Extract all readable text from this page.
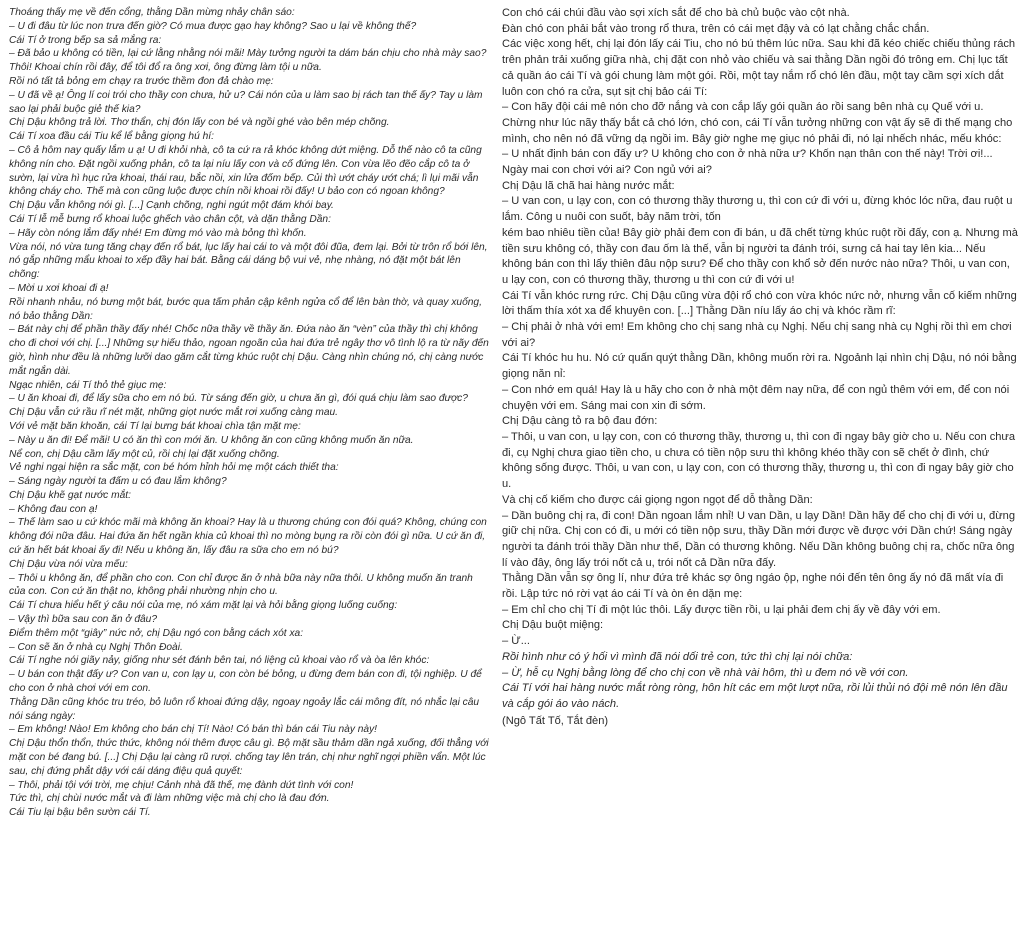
Thoáng thấy mẹ về đến cổng, thằng Dần mừng nhảy chân sáo:

– U đi đâu từ lúc non trưa đến giờ? Có mua được gạo hay không? Sao u lại về không thế?

Cái Tí ở trong bếp sa sả mắng ra:

– Đã bảo u không có tiền, lại cứ lằng nhằng nói mãi! Mày tưởng người ta dám bán chịu cho nhà mày sao? Thôi! Khoai chín rồi đây, để tôi đổ ra ông xơi, ông đừng làm tội u nữa.

Rồi nó tất tả bỏng em chạy ra trước thềm đon đả chào mẹ:

– U đã về ạ! Ông lí coi trói cho thầy con chưa, hử u? Cái nón của u làm sao bị rách tan thế ấy? Tay u làm sao lại phải buộc giẻ thế kia?

Chị Dậu không trả lời. Thơ thẩn, chị đón lấy con bé và ngồi ghé vào bên mép chõng.

Cái Tí xoa đầu cái Tiu kể lể bằng giọng hú hí:

– Cô ả hôm nay quấy lắm u ạ! U đi khỏi nhà, cô ta cứ ra rả khóc không dứt miệng. Dỗ thế nào cô ta cũng không nín cho. Đặt ngồi xuống phản, cô ta lại níu lấy con và cố đứng lên. Con vừa lẽo đẽo cắp cô ta ở sườn, lại vừa hì hục rửa khoai, thái rau, bắc nồi, xin lửa đốm bếp. Củi thì ướt cháy ướt chá; lì lụi mãi vẫn không cháy cho. Thế mà con cũng luộc được chín nồi khoai rồi đấy! U bảo con có ngoan không?

Chị Dậu vẫn không nói gì. [...] Cạnh chõng, nghi ngút một đám khói bay.

Cái Tí lễ mễ bưng rổ khoai luộc ghếch vào chân cột, và dặn thằng Dần:

– Hãy còn nóng lắm đấy nhé! Em đừng mó vào mà bỏng thì khốn.

Vừa nói, nó vừa tung tăng chạy đến rổ bát, lục lấy hai cái to và một đôi đũa, đem lại. Bởi từ trôn rổ bới lên, nó gắp những mẩu khoai to xếp đầy hai bát. Bằng cái dáng bộ vui vẻ, nhẹ nhàng, nó đặt một bát lên chõng:

– Mời u xơi khoai đi ạ!

Rồi nhanh nhảu, nó bưng một bát, bước qua tấm phản cập kênh ngửa cổ để lên bàn thờ, và quay xuống, nó bảo thằng Dần:

– Bát này chị để phần thầy đấy nhé! Chốc nữa thầy về thầy ăn. Đứa nào ăn “vèn” của thầy thì chị không cho đi chơi với chị. [...] Những sự hiếu thảo, ngoan ngoãn của hai đứa trẻ ngây thơ vô tình lộ ra từ nãy đến giờ, hình như đều là những lưỡi dao găm cắt từng khúc ruột chị Dậu. Càng nhìn chúng nó, chị càng nước mắt ngắn dài.

Ngạc nhiên, cái Tí thỏ thẻ giục mẹ:

– U ăn khoai đi, để lấy sữa cho em nó bú. Từ sáng đến giờ, u chưa ăn gì, đói quá chịu làm sao được?

Chị Dậu vẫn cứ rầu rĩ nét mặt, những giọt nước mắt rơi xuống càng mau.

Với vẻ mặt băn khoăn, cái Tí lại bưng bát khoai chìa tận mặt mẹ:

– Này u ăn đi! Để mãi! U có ăn thì con mới ăn. U không ăn con cũng không muốn ăn nữa.

Nể con, chị Dậu cầm lấy một củ, rồi chị lại đặt xuống chõng.

Vẻ nghi ngại hiện ra sắc mặt, con bé hóm hỉnh hỏi mẹ một cách thiết tha:

– Sáng ngày người ta đấm u có đau lắm không?

Chị Dậu khẽ gạt nước mắt:

– Không đau con ạ!

– Thế làm sao u cứ khóc mãi mà không ăn khoai? Hay là u thương chúng con đói quá? Không, chúng con không đói nữa đâu. Hai đứa ăn hết ngần khia củ khoai thì no mòng bụng ra rồi còn đói gì nữa. U cứ ăn đi, cứ ăn hết bát khoai ấy đi! Nếu u không ăn, lấy đâu ra sữa cho em nó bú?

Chị Dậu vừa nói vừa mếu:

– Thôi u không ăn, để phần cho con. Con chỉ được ăn ở nhà bữa này nữa thôi. U không muốn ăn tranh của con. Con cứ ăn thật no, không phải nhường nhịn cho u.

Cái Tí chưa hiểu hết ý câu nói của mẹ, nó xám mặt lại và hỏi bằng giọng luống cuống:

– Vậy thì bữa sau con ăn ở đâu?

Điểm thêm một “giây” nức nở, chị Dậu ngó con bằng cách xót xa:

– Con sẽ ăn ở nhà cụ Nghị Thôn Đoài.

Cái Tí nghe nói giãy nảy, giống như sét đánh bên tai, nó liệng củ khoai vào rổ và òa lên khóc:

– U bán con thật đấy ư? Con van u, con lạy u, con còn bé bỏng, u đừng đem bán con đi, tội nghiệp. U để cho con ở nhà chơi với em con.

Thằng Dần cũng khóc tru tréo, bỏ luôn rổ khoai đứng dậy, ngoay ngoảy lắc cái mông đít, nó nhắc lại câu nói sáng ngày:

– Em không! Nào! Em không cho bán chị Tí! Nào! Có bán thì bán cái Tiu này này!

Chị Dậu thổn thổn, thức thức, không nói thêm được câu gì. Bộ mặt sầu thảm dần ngả xuống, đối thẳng với mặt con bé đang bú. [...] Chị Dậu lại càng rũ rượi. chống tay lên trán, chị như nghĩ ngợi phiền vẩn. Một lúc sau, chị đứng phắt dậy với cái dáng điệu quả quyết:

– Thôi, phải tội với trời, mẹ chịu! Cảnh nhà đã thế, mẹ đành dứt tình với con!

Tức thì, chị chùi nước mắt và đi làm những việc mà chị cho là đau đớn.

Cái Tiu lại bậu bên sườn cái Tí.

Con chó cái chúi đầu vào sợi xích sắt để cho bà chủ buộc vào cột nhà.

Đàn chó con phải bắt vào trong rổ thưa, trên có cái mẹt đậy và có lạt chằng chắc chắn.

Các việc xong hết, chị lại đón lấy cái Tiu, cho nó bú thêm lúc nữa. Sau khi đã kéo chiếc chiếu thủng rách trên phản trải xuống giữa nhà, chị đặt con nhỏ vào chiếu và sai thằng Dần ngồi đó trông em. Chị lục tất cả quần áo cái Tí và gói chung làm một gói. Rồi, một tay nắm rổ chó lên đầu, một tay cầm sợi xích dắt luôn con chó ra cửa, sụt sịt chị bảo cái Tí:

– Con hãy đội cái mê nón cho đỡ nắng và con cắp lấy gói quần áo rồi sang bên nhà cụ Quế với u. Chừng như lúc nãy thấy bắt cả chó lớn, chó con, cái Tí vẫn tưởng những con vật ấy sẽ đi thế mạng cho mình, cho nên nó đã vững dạ ngồi im. Bây giờ nghe mẹ giục nó phải đi, nó lại nhếch nhác, mếu khóc:

– U nhất định bán con đấy ư? U không cho con ở nhà nữa ư? Khốn nạn thân con thế này! Trời ơi!... Ngày mai con chơi với ai? Con ngủ với ai?

Chị Dậu lã chã hai hàng nước mắt:

– U van con, u lạy con, con có thương thầy thương u, thì con cứ đi với u, đừng khóc lóc nữa, đau ruột u lắm. Công u nuôi con suốt, bảy năm trời, tốn

kém bao nhiêu tiền của! Bây giờ phải đem con đi bán, u đã chết từng khúc ruột rồi đấy, con ạ. Nhưng mà tiền sưu không có, thầy con đau ốm là thế, vẫn bị người ta đánh trói, sưng cả hai tay lên kia... Nếu không bán con thì lấy thiên đâu nộp sưu? Để cho thầy con khổ sở đến nước nào nữa? Thôi, u van con, u lạy con, con có thương thầy, thương u thì con cứ đi với u!

Cái Tí vẫn khóc rưng rức. Chị Dậu cũng vừa đội rổ chó con vừa khóc nức nở, nhưng vẫn cố kiếm những lời thấm thía xót xa để khuyên con. [...] Thằng Dần níu lấy áo chị và khóc rầm rĩ:

– Chị phải ở nhà với em! Em không cho chị sang nhà cụ Nghị. Nếu chị sang nhà cụ Nghị rồi thì em chơi với ai?

Cái Tí khóc hu hu. Nó cứ quấn quýt thằng Dần, không muốn rời ra. Ngoảnh lại nhìn chị Dậu, nó nói bằng giọng năn nỉ:

– Con nhớ em quá! Hay là u hãy cho con ở nhà một đêm nay nữa, để con ngủ thêm với em, để con nói chuyện với em. Sáng mai con xin đi sớm.

Chị Dậu càng tỏ ra bộ đau đớn:

– Thôi, u van con, u lạy con, con có thương thầy, thương u, thì con đi ngay bây giờ cho u. Nếu con chưa đi, cụ Nghị chưa giao tiền cho, u chưa có tiền nộp sưu thì không khéo thầy con sẽ chết ở đình, chứ không sống được. Thôi, u van con, u lạy con, con có thương thầy, thương u, thì con đi ngay bây giờ cho u.

Và chị cố kiếm cho được cái giọng ngon ngọt để dỗ thằng Dần:

– Dần buông chị ra, đi con! Dần ngoan lắm nhỉ! U van Dần, u lạy Dần! Dần hãy để cho chị đi với u, đừng giữ chị nữa. Chị con có đi, u mới có tiền nộp sưu, thầy Dần mới được về được với Dần chứ! Sáng ngày người ta đánh trói thầy Dần như thế, Dần có thương không. Nếu Dần không buông chị ra, chốc nữa ông lí vào đây, ông lấy trói nốt cả u, trói nốt cả Dần nữa đấy.

Thằng Dần vẫn sợ ông lí, như đứa trẻ khác sợ ông ngáo ộp, nghe nói đến tên ông ấy nó đã mất vía đi rồi. Lập tức nó rời vạt áo cái Tí và òn ẻn dặn mẹ:

– Em chỉ cho chị Tí đi một lúc thôi. Lấy được tiền rồi, u lại phải đem chị ấy về đây với em.

Chị Dậu buột miệng:

– Ừ...

Rồi hình như có ý hối vì mình đã nói dối trẻ con, tức thì chị lại nói chữa:

– Ừ, hễ cụ Nghị bằng lòng để cho chị con về nhà vài hôm, thì u đem nó về với con.

Cái Tí với hai hàng nước mắt ròng ròng, hôn hít các em một lượt nữa, rồi lủi thủi nó đội mê nón lên đầu và cắp gói áo vào nách.

(Ngô Tất Tố, Tắt đèn)
